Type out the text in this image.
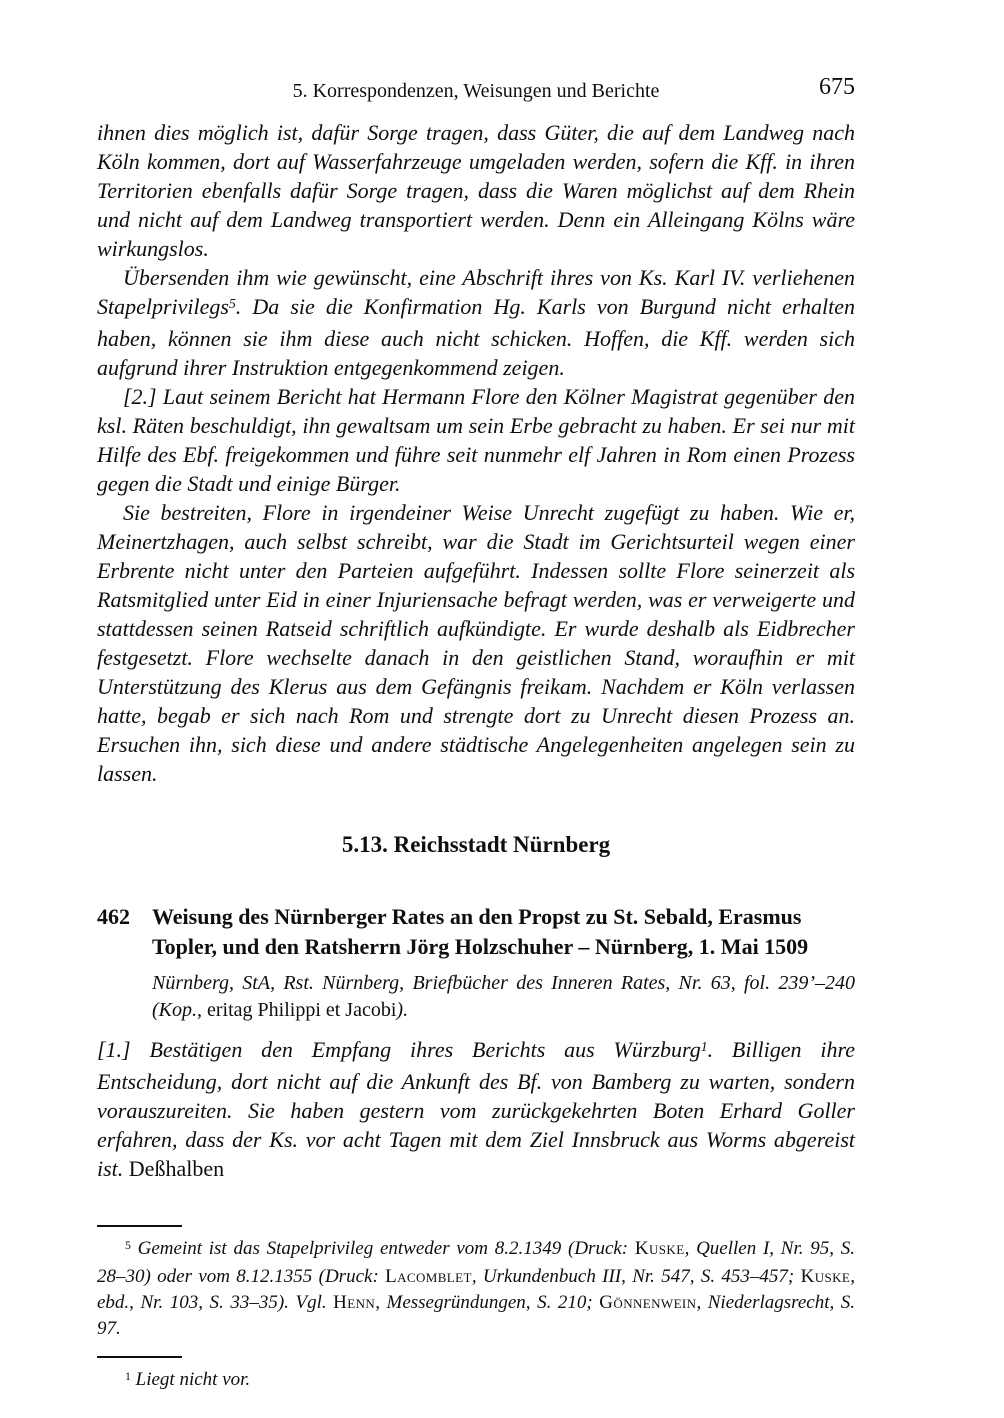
5. Korrespondenzen, Weisungen und Berichte	675

ihnen dies möglich ist, dafür Sorge tragen, dass Güter, die auf dem Landweg nach Köln kommen, dort auf Wasserfahrzeuge umgeladen werden, sofern die Kff. in ihren Territorien ebenfalls dafür Sorge tragen, dass die Waren möglichst auf dem Rhein und nicht auf dem Landweg transportiert werden. Denn ein Alleingang Kölns wäre wirkungslos.

Übersenden ihm wie gewünscht, eine Abschrift ihres von Ks. Karl IV. verliehenen Stapelprivilegs$^5$. Da sie die Konfirmation Hg. Karls von Burgund nicht erhalten haben, können sie ihm diese auch nicht schicken. Hoffen, die Kff. werden sich aufgrund ihrer Instruktion entgegenkommend zeigen.

[2.] Laut seinem Bericht hat Hermann Flore den Kölner Magistrat gegenüber den ksl. Räten beschuldigt, ihn gewaltsam um sein Erbe gebracht zu haben. Er sei nur mit Hilfe des Ebf. freigekommen und führe seit nunmehr elf Jahren in Rom einen Prozess gegen die Stadt und einige Bürger.

Sie bestreiten, Flore in irgendeiner Weise Unrecht zugefügt zu haben. Wie er, Meinertzhagen, auch selbst schreibt, war die Stadt im Gerichtsurteil wegen einer Erbrente nicht unter den Parteien aufgeführt. Indessen sollte Flore seinerzeit als Ratsmitglied unter Eid in einer Injuriensache befragt werden, was er verweigerte und stattdessen seinen Ratseid schriftlich aufkündigte. Er wurde deshalb als Eidbrecher festgesetzt. Flore wechselte danach in den geistlichen Stand, woraufhin er mit Unterstützung des Klerus aus dem Gefängnis freikam. Nachdem er Köln verlassen hatte, begab er sich nach Rom und strengte dort zu Unrecht diesen Prozess an. Ersuchen ihn, sich diese und andere städtische Angelegenheiten angelegen sein zu lassen.

5.13. Reichsstadt Nürnberg
462	Weisung des Nürnberger Rates an den Propst zu St. Sebald, Erasmus Topler, und den Ratsherrn Jörg Holzschuher – Nürnberg, 1. Mai 1509

Nürnberg, StA, Rst. Nürnberg, Briefbücher des Inneren Rates, Nr. 63, fol. 239’–240 (Kop., eritag Philippi et Jacobi).

[1.] Bestätigen den Empfang ihres Berichts aus Würzburg$^1$. Billigen ihre Entscheidung, dort nicht auf die Ankunft des Bf. von Bamberg zu warten, sondern vorauszureiten. Sie haben gestern vom zurückgekehrten Boten Erhard Goller erfahren, dass der Ks. vor acht Tagen mit dem Ziel Innsbruck aus Worms abgereist ist. Deßhalben

$^5$ Gemeint ist das Stapelprivileg entweder vom 8.2.1349 (Druck: Kuske, Quellen I, Nr. 95, S. 28–30) oder vom 8.12.1355 (Druck: Lacomblet, Urkundenbuch III, Nr. 547, S. 453–457; Kuske, ebd., Nr. 103, S. 33–35). Vgl. Henn, Messegründungen, S. 210; Gönnenwein, Niederlagsrecht, S. 97.

$^1$ Liegt nicht vor.
